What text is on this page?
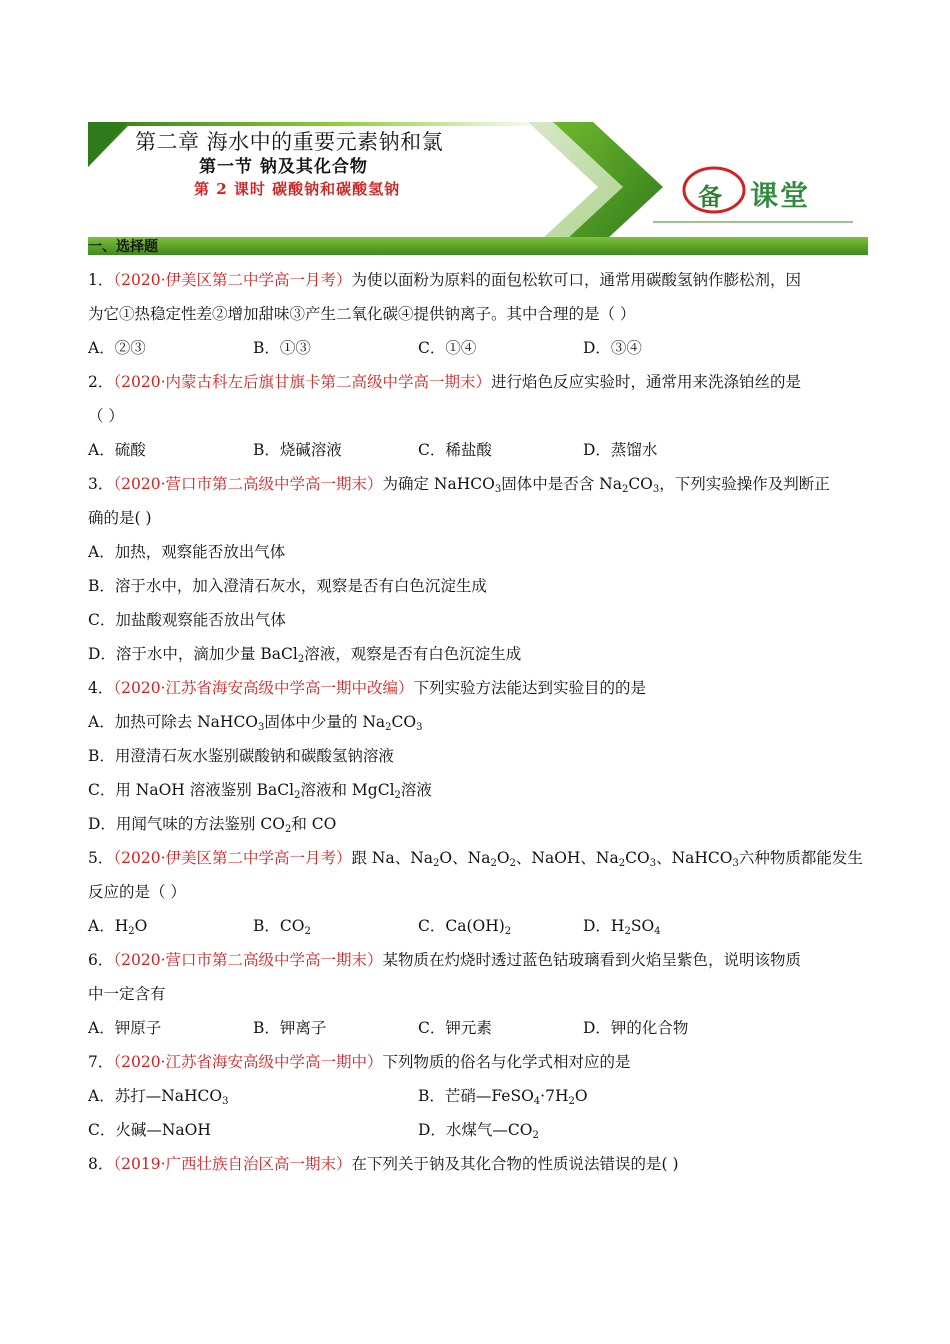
第二章 海水中的重要元素钠和氯
第一节 钠及其化合物
第 2 课时 碳酸钠和碳酸氢钠	备 课堂
一、选择题
1．（2020·伊美区第二中学高一月考）为使以面粉为原料的面包松软可口，通常用碳酸氢钠作膨松剂，因
为它①热稳定性差②增加甜味③产生二氧化碳④提供钠离子。其中合理的是（ ）
A．②③	B．①③	C．①④	D．③④
2．（2020·内蒙古科左后旗甘旗卡第二高级中学高一期末）进行焰色反应实验时，通常用来洗涤铂丝的是
（ ）
A．硫酸	B．烧碱溶液	C．稀盐酸	D．蒸馏水
3．（2020·营口市第二高级中学高一期末）为确定 NaHCO$_3$固体中是否含 $Na_2CO_3$，下列实验操作及判断正
确的是( )
A．加热，观察能否放出气体
B．溶于水中，加入澄清石灰水，观察是否有白色沉淀生成
C．加盐酸观察能否放出气体
D．溶于水中，滴加少量 BaCl$_2$溶液，观察是否有白色沉淀生成
4．（2020·江苏省海安高级中学高一期中改编）下列实验方法能达到实验目的的是
A．加热可除去 NaHCO$_3$固体中少量的 $Na_2CO_3$
B．用澄清石灰水鉴别碳酸钠和碳酸氢钠溶液
C．用 NaOH 溶液鉴别 BaCl$_2$溶液和 MgCl$_2$溶液
D．用闻气味的方法鉴别 $CO_2$和 CO
5．（2020·伊美区第二中学高一月考）跟 Na、$Na_2O$、$Na_2O_2$、NaOH、$Na_2CO_3$、NaHCO$_3$六种物质都能发生
反应的是（ ）
A．$H_2O$	B．$CO_2$	C．$Ca(OH)_2$	D．$H_2SO_4$
6．（2020·营口市第二高级中学高一期末）某物质在灼烧时透过蓝色钴玻璃看到火焰呈紫色，说明该物质
中一定含有
A．钾原子	B．钾离子	C．钾元素	D．钾的化合物
7．（2020·江苏省海安高级中学高一期中）下列物质的俗名与化学式相对应的是
A．苏打—NaHCO$_3$	B．芒硝$—FeSO_4\cdot 7H_2O$
C．火碱—NaOH	D．水煤气$—CO_2$
8．（2019·广西壮族自治区高一期末）在下列关于钠及其化合物的性质说法错误的是( )
